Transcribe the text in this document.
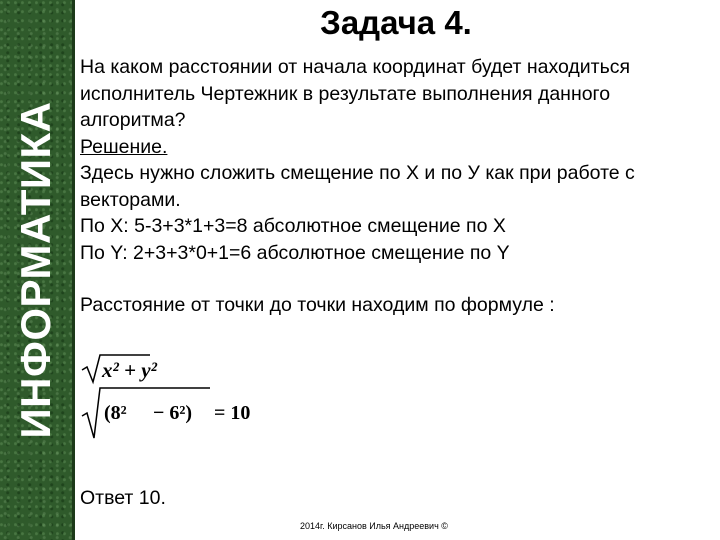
ИНФОРМАТИКА
Задача 4.

На каком расстоянии от начала координат будет находиться исполнитель Чертежник в результате выполнения данного алгоритма?

Решение.

Здесь нужно сложить смещение по Х и по У как при работе с векторами.

По Х: 5-3+3*1+3=8 абсолютное смещение по Х

По Y: 2+3+3*0+1=6 абсолютное смещение по Y

Расстояние от точки до точки находим по формуле :

x² + y²
(8² − 6²) = 10
Ответ 10.
2014г. Кирсанов Илья Андреевич ©
